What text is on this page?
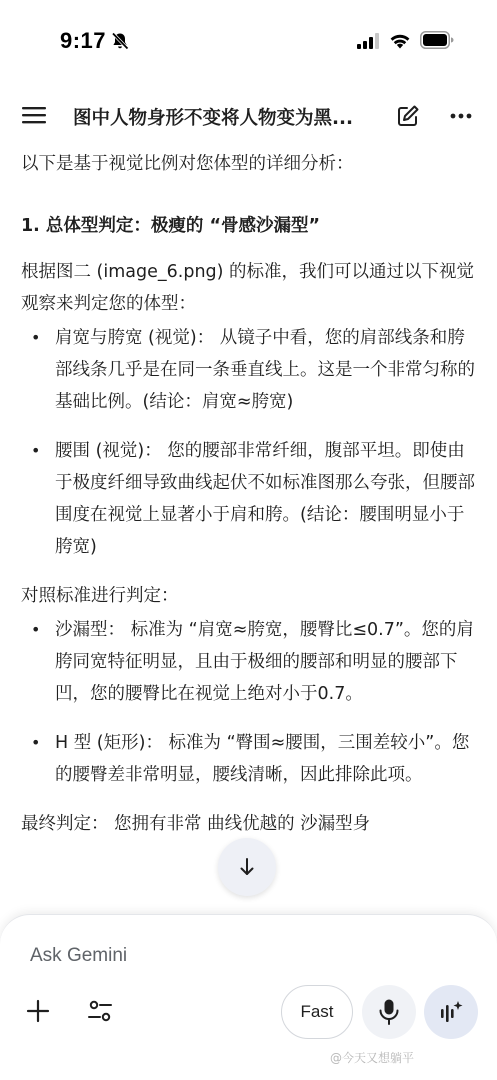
9:17
图中人物身形不变将人物变为黑...

以下是基于视觉比例对您体型的详细分析：

1. 总体型判定：极瘦的 “骨感沙漏型”

根据图二 (image_6.png) 的标准，我们可以通过以下视觉观察来判定您的体型：

• 肩宽与胯宽 (视觉)： 从镜子中看，您的肩部线条和胯部线条几乎是在同一条垂直线上。这是一个非常匀称的基础比例。(结论：肩宽≈胯宽)
• 腰围 (视觉)： 您的腰部非常纤细，腹部平坦。即使由于极度纤细导致曲线起伏不如标准图那么夸张，但腰部围度在视觉上显著小于肩和胯。(结论：腰围明显小于胯宽)

对照标准进行判定：

• 沙漏型： 标准为 “肩宽≈胯宽，腰臀比≤0.7”。您的肩胯同宽特征明显，且由于极细的腰部和明显的腰部下凹，您的腰臀比在视觉上绝对小于0.7。
• H 型 (矩形)： 标准为 “臀围≈腰围，三围差较小”。您的腰臀差非常明显，腰线清晰，因此排除此项。

最终判定： 您拥有非常 曲线优越的 沙漏型身

Ask Gemini
Fast
@今天又想躺平
